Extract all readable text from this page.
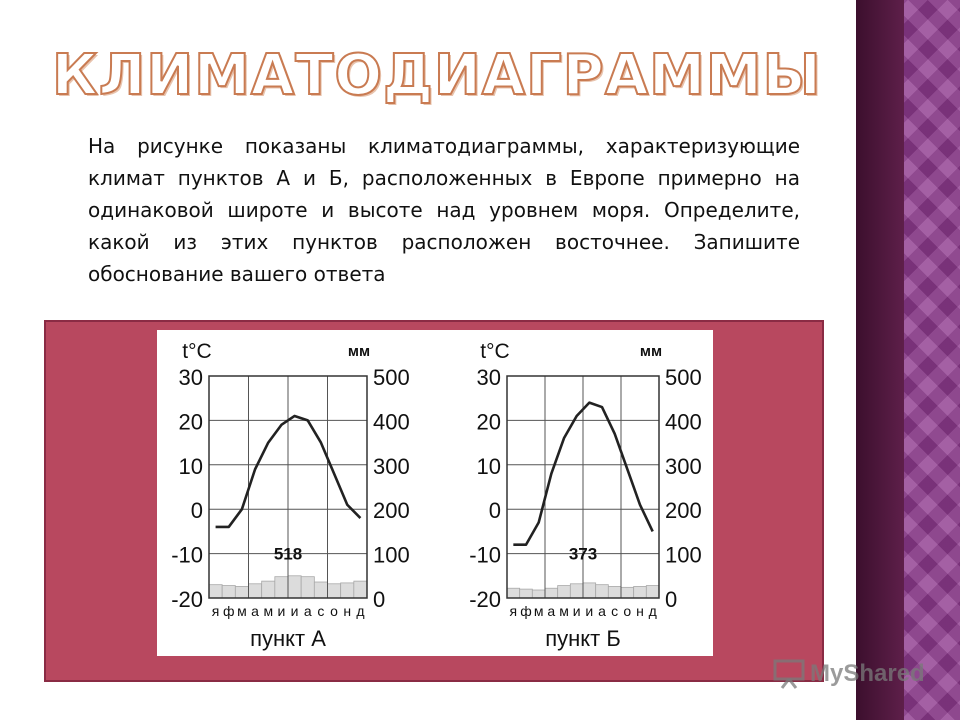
КЛИМАТОДИАГРАММЫ

На рисунке показаны климатодиаграммы, характеризующие климат пунктов А и Б, расположенных в Европе примерно на одинаковой широте и высоте над уровнем моря. Определите, какой из этих пунктов расположен восточнее. Запишите обоснование вашего ответа

30	500
20	400
10	300
0	200
-10	100
-20	0
518
я ф м а м и и а с о н д
t°C	мм
пункт А
30	500
20	400
10	300
0	200
-10	100
-20	0
373
я ф м а м и и а с о н д
t°C	мм
пункт Б
MyShared
